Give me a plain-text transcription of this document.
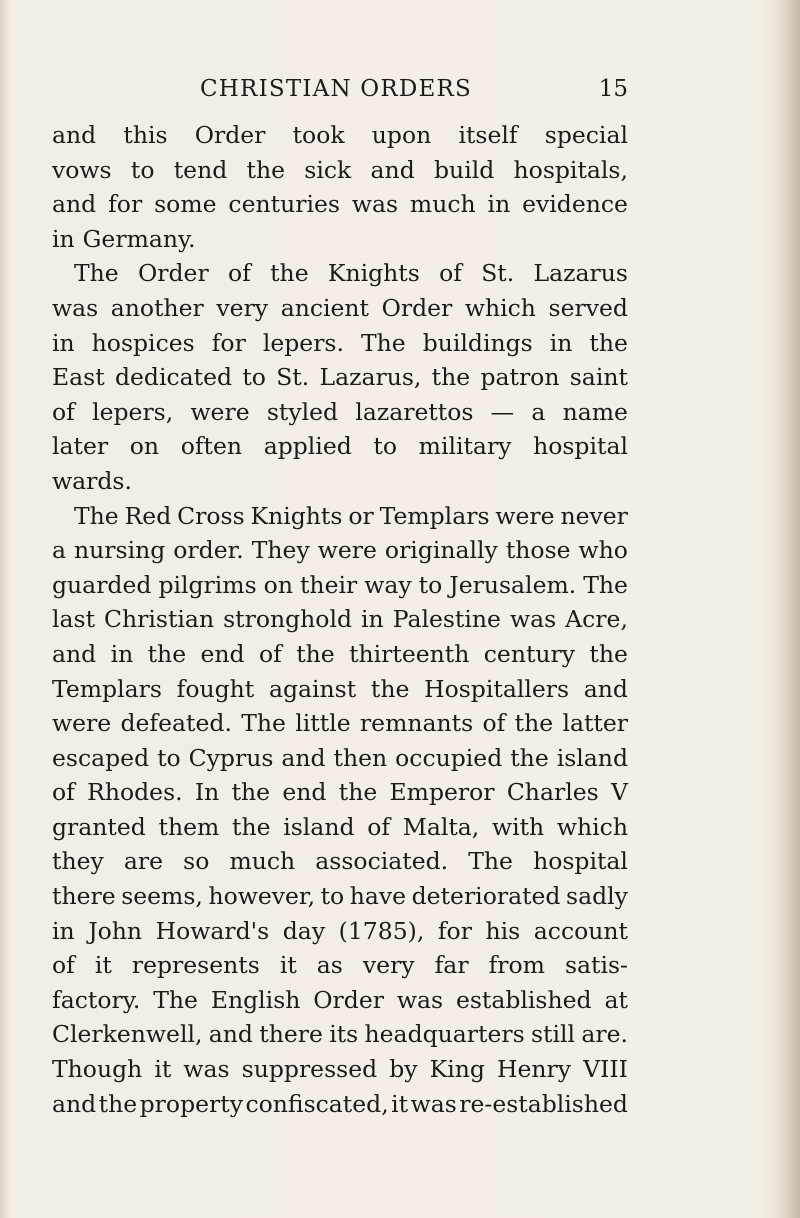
CHRISTIAN ORDERS	15
and this Order took upon itself special
vows to tend the sick and build hospitals,
and for some centuries was much in evidence
in Germany.
The Order of the Knights of St. Lazarus
was another very ancient Order which served
in hospices for lepers. The buildings in the
East dedicated to St. Lazarus, the patron saint
of lepers, were styled lazarettos — a name
later on often applied to military hospital
wards.
The Red Cross Knights or Templars were never
a nursing order. They were originally those who
guarded pilgrims on their way to Jerusalem. The
last Christian stronghold in Palestine was Acre,
and in the end of the thirteenth century the
Templars fought against the Hospitallers and
were defeated. The little remnants of the latter
escaped to Cyprus and then occupied the island
of Rhodes. In the end the Emperor Charles V
granted them the island of Malta, with which
they are so much associated. The hospital
there seems, however, to have deteriorated sadly
in John Howard's day (1785), for his account
of it represents it as very far from satis-
factory. The English Order was established at
Clerkenwell, and there its headquarters still are.
Though it was suppressed by King Henry VIII
and the property confiscated, it was re-established
